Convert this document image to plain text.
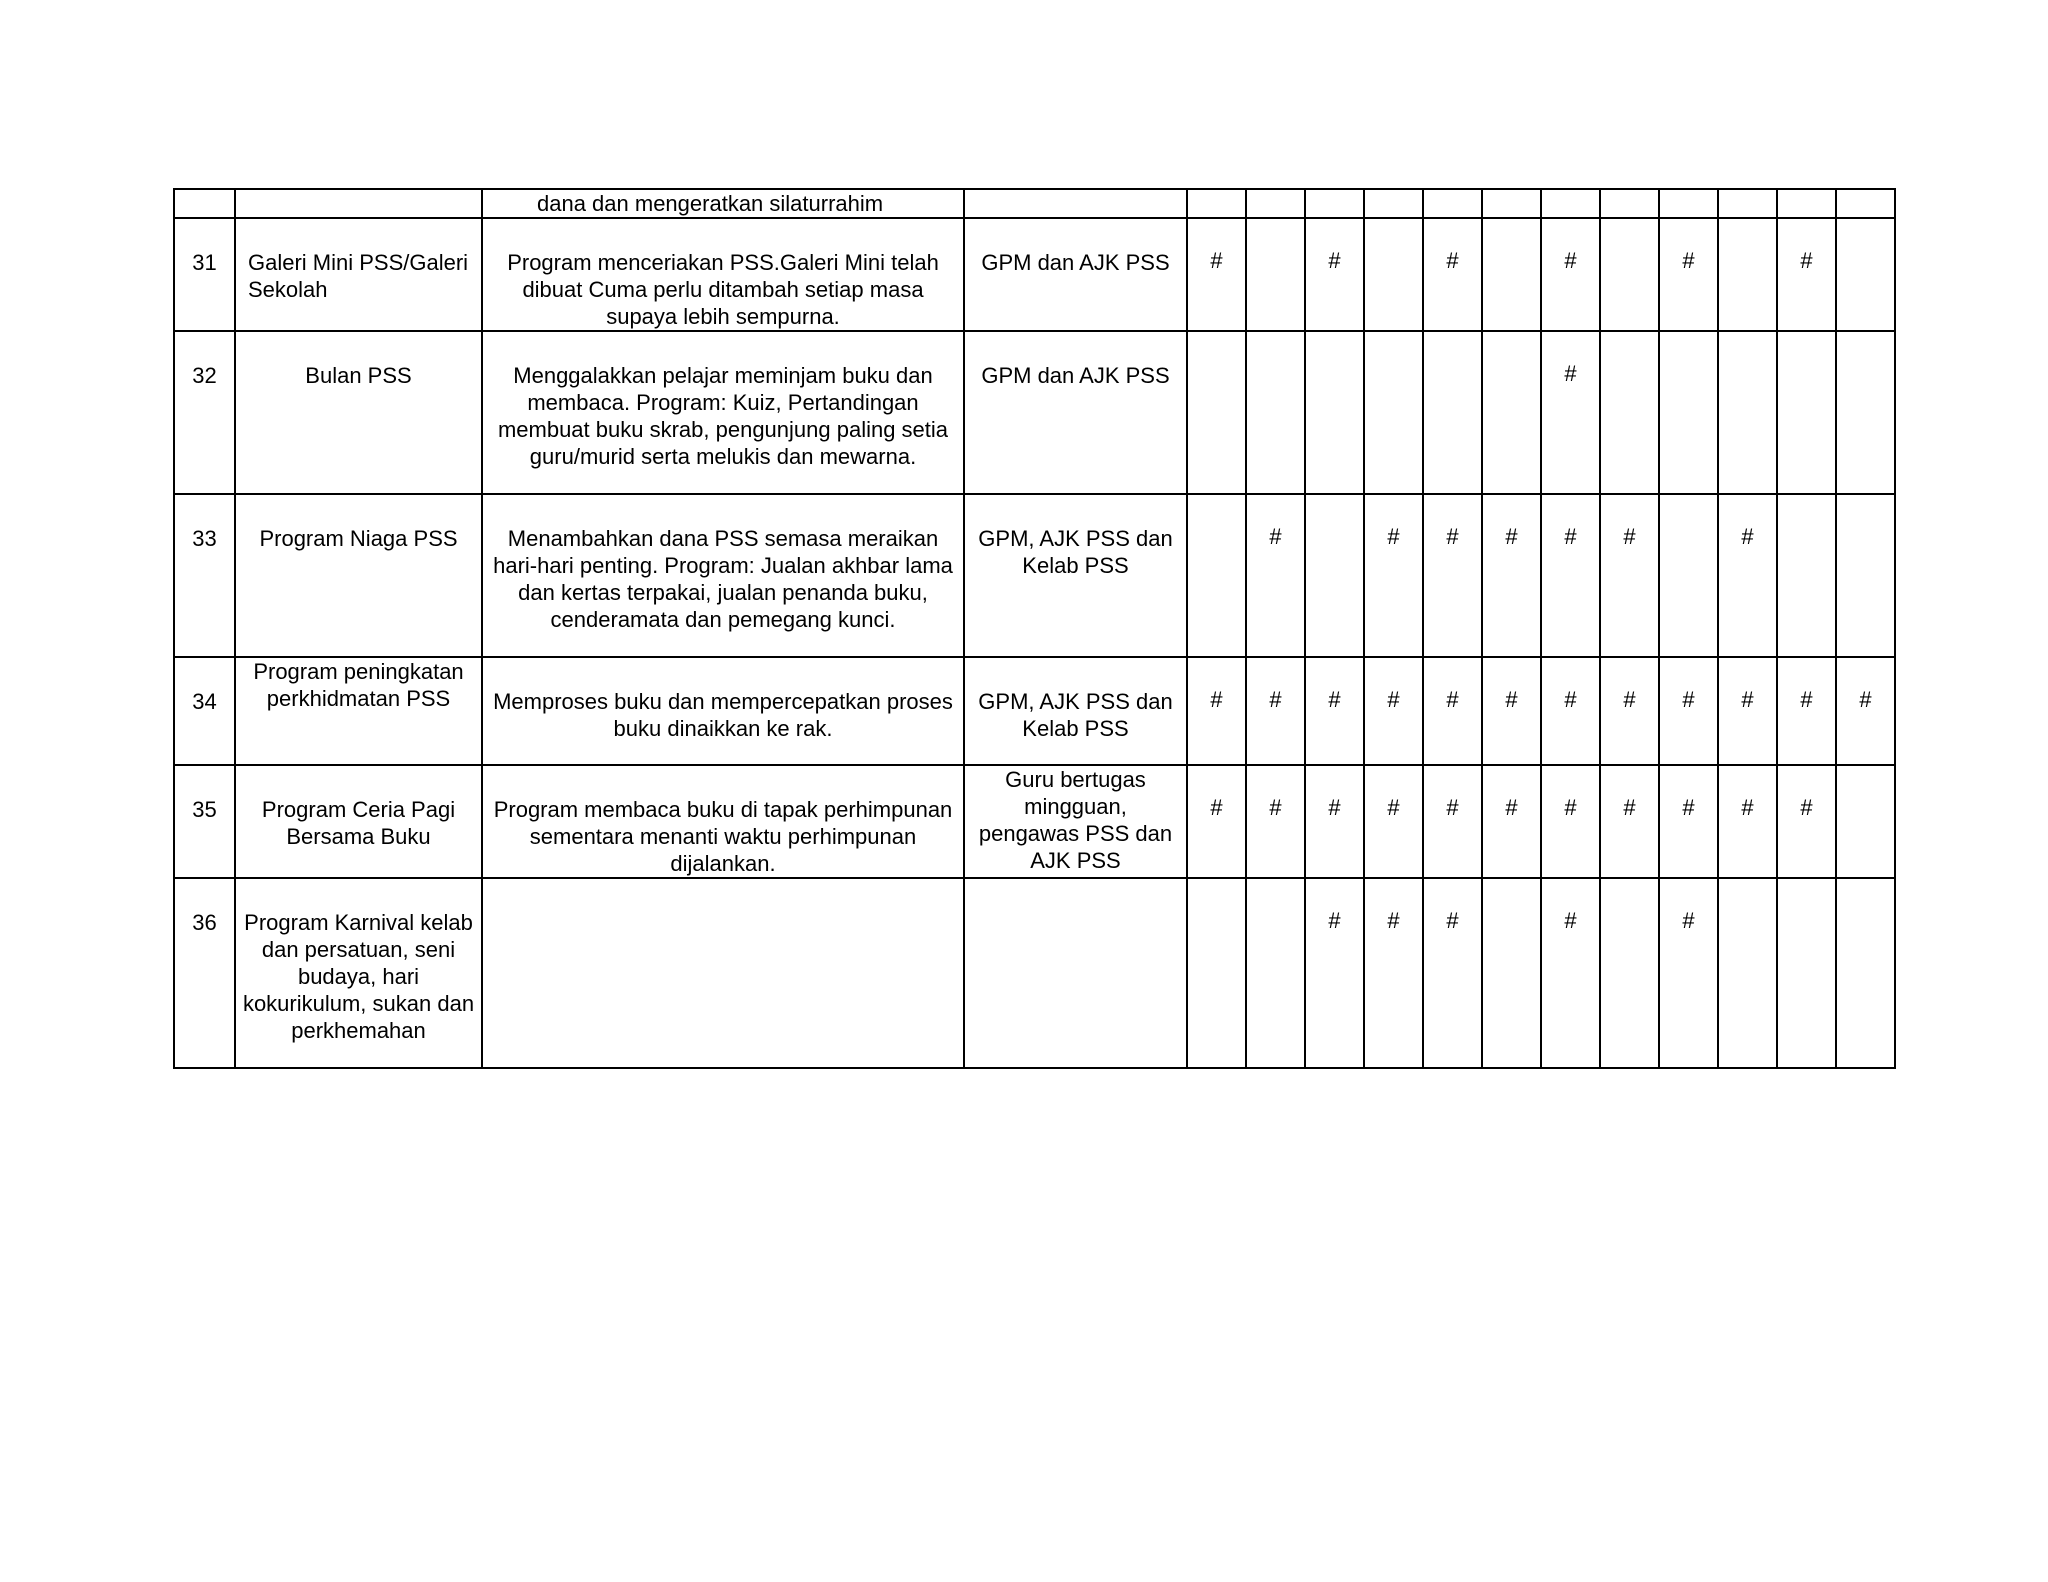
		dana dan mengeratkan silaturrahim													
31	Galeri Mini PSS/Galeri Sekolah	Program menceriakan PSS.Galeri Mini telah dibuat Cuma perlu ditambah setiap masa supaya lebih sempurna.	GPM dan AJK PSS	#		#		#		#		#		#	
32	Bulan PSS	Menggalakkan pelajar meminjam buku dan membaca. Program: Kuiz, Pertandingan membuat buku skrab, pengunjung paling setia guru/murid serta melukis dan mewarna.	GPM dan AJK PSS							#					
33	Program Niaga PSS	Menambahkan dana PSS semasa meraikan hari-hari penting. Program: Jualan akhbar lama dan kertas terpakai, jualan penanda buku, cenderamata dan pemegang kunci.	GPM, AJK PSS dan Kelab PSS		#		#	#	#	#	#		#		
34	Program peningkatan perkhidmatan PSS	Memproses buku dan mempercepatkan proses buku dinaikkan ke rak.	GPM, AJK PSS dan Kelab PSS	#	#	#	#	#	#	#	#	#	#	#	#
35	Program Ceria Pagi Bersama Buku	Program membaca buku di tapak perhimpunan sementara menanti waktu perhimpunan dijalankan.	Guru bertugas mingguan, pengawas PSS dan AJK PSS	#	#	#	#	#	#	#	#	#	#	#	
36	Program Karnival kelab dan persatuan, seni budaya, hari kokurikulum, sukan dan perkhemahan					#	#	#		#		#			
